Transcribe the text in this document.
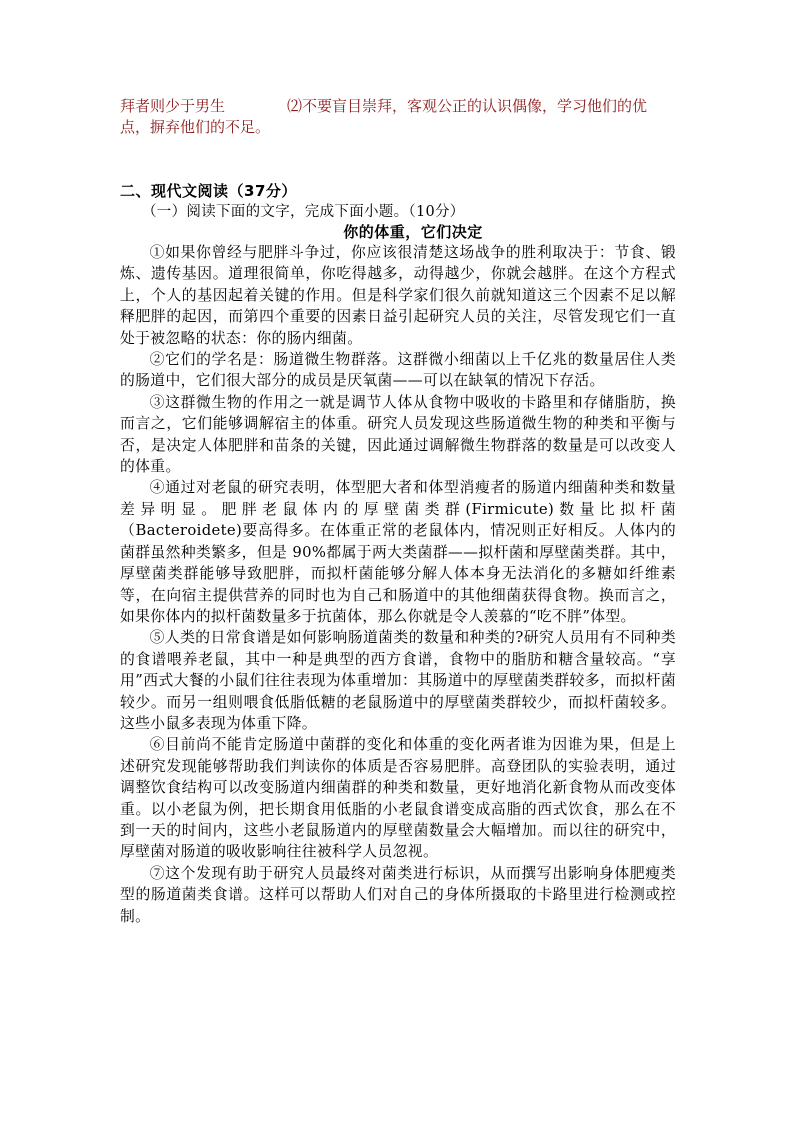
拜者则少于男生	⑵不要盲目崇拜，客观公正的认识偶像，学习他们的优点，摒弃他们的不足。
二、现代文阅读（37分）
（一）阅读下面的文字，完成下面小题。（10分）
你的体重，它们决定

①如果你曾经与肥胖斗争过，你应该很清楚这场战争的胜利取决于：节食、锻炼、遗传基因。道理很简单，你吃得越多，动得越少，你就会越胖。在这个方程式上，个人的基因起着关键的作用。但是科学家们很久前就知道这三个因素不足以解释肥胖的起因，而第四个重要的因素日益引起研究人员的关注，尽管发现它们一直处于被忽略的状态：你的肠内细菌。

②它们的学名是：肠道微生物群落。这群微小细菌以上千亿兆的数量居住人类的肠道中，它们很大部分的成员是厌氧菌——可以在缺氧的情况下存活。

③这群微生物的作用之一就是调节人体从食物中吸收的卡路里和存储脂肪，换而言之，它们能够调解宿主的体重。研究人员发现这些肠道微生物的种类和平衡与否，是决定人体肥胖和苗条的关键，因此通过调解微生物群落的数量是可以改变人的体重。

④通过对老鼠的研究表明，体型肥大者和体型消瘦者的肠道内细菌种类和数量差异明显。肥胖老鼠体内的厚壁菌类群(Firmicute)数量比拟杆菌（Bacteroidete)要高得多。在体重正常的老鼠体内，情况则正好相反。人体内的菌群虽然种类繁多，但是 90%都属于两大类菌群——拟杆菌和厚壁菌类群。其中，厚壁菌类群能够导致肥胖，而拟杆菌能够分解人体本身无法消化的多糖如纤维素等，在向宿主提供营养的同时也为自己和肠道中的其他细菌获得食物。换而言之，如果你体内的拟杆菌数量多于抗菌体，那么你就是令人羡慕的“吃不胖”体型。

⑤人类的日常食谱是如何影响肠道菌类的数量和种类的?研究人员用有不同种类的食谱喂养老鼠，其中一种是典型的西方食谱，食物中的脂肪和糖含量较高。“享用”西式大餐的小鼠们往往表现为体重增加：其肠道中的厚壁菌类群较多，而拟杆菌较少。而另一组则喂食低脂低糖的老鼠肠道中的厚壁菌类群较少，而拟杆菌较多。这些小鼠多表现为体重下降。

⑥目前尚不能肯定肠道中菌群的变化和体重的变化两者谁为因谁为果，但是上述研究发现能够帮助我们判读你的体质是否容易肥胖。高登团队的实验表明，通过调整饮食结构可以改变肠道内细菌群的种类和数量，更好地消化新食物从而改变体重。以小老鼠为例，把长期食用低脂的小老鼠食谱变成高脂的西式饮食，那么在不到一天的时间内，这些小老鼠肠道内的厚壁菌数量会大幅增加。而以往的研究中，厚壁菌对肠道的吸收影响往往被科学人员忽视。

⑦这个发现有助于研究人员最终对菌类进行标识，从而撰写出影响身体肥瘦类型的肠道菌类食谱。这样可以帮助人们对自己的身体所摄取的卡路里进行检测或控制。
